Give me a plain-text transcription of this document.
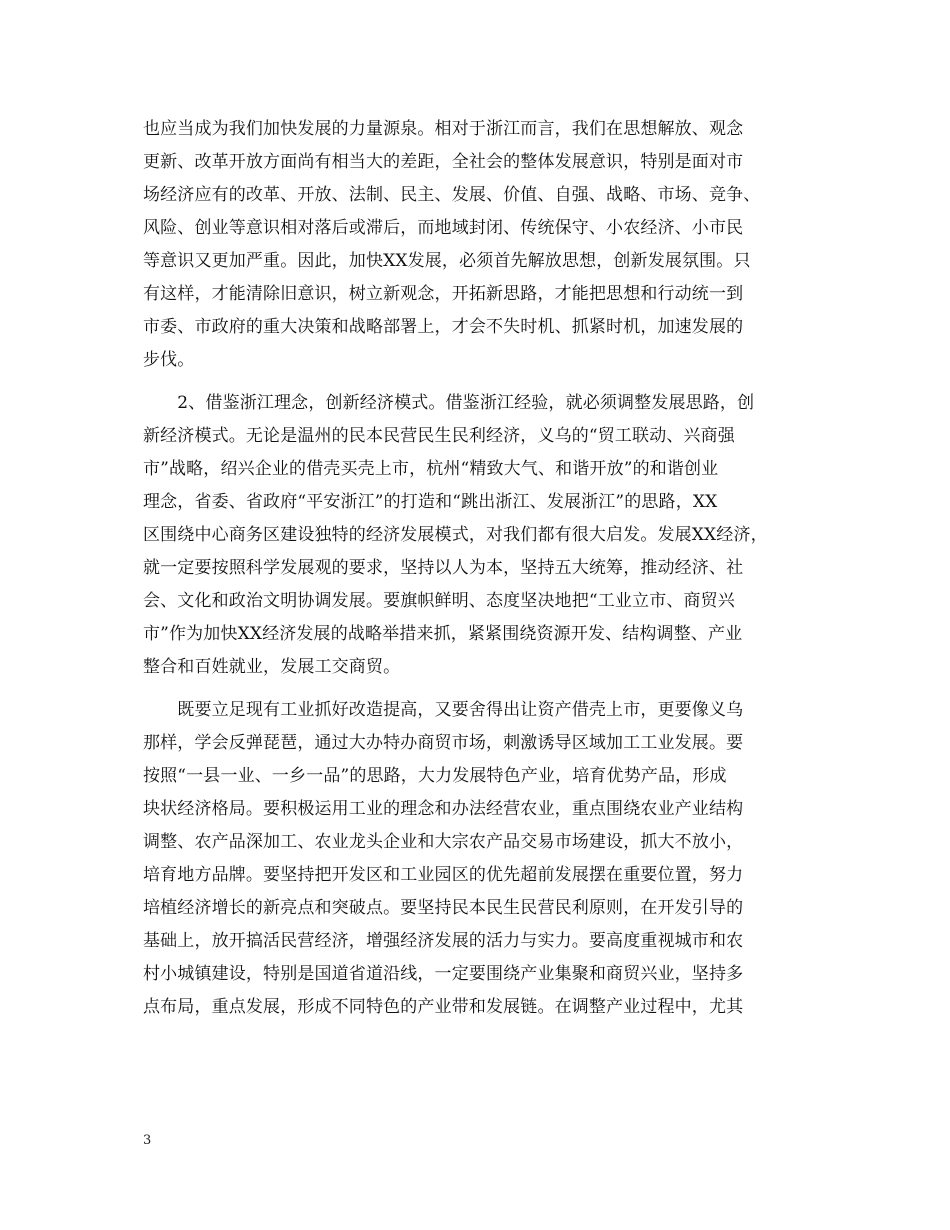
也应当成为我们加快发展的力量源泉。相对于浙江而言，我们在思想解放、观念
更新、改革开放方面尚有相当大的差距，全社会的整体发展意识，特别是面对市
场经济应有的改革、开放、法制、民主、发展、价值、自强、战略、市场、竞争、
风险、创业等意识相对落后或滞后，而地域封闭、传统保守、小农经济、小市民
等意识又更加严重。因此，加快XX发展，必须首先解放思想，创新发展氛围。只
有这样，才能清除旧意识，树立新观念，开拓新思路，才能把思想和行动统一到
市委、市政府的重大决策和战略部署上，才会不失时机、抓紧时机，加速发展的
步伐。
　　2、借鉴浙江理念，创新经济模式。借鉴浙江经验，就必须调整发展思路，创
新经济模式。无论是温州的民本民营民生民利经济，义乌的“贸工联动、兴商强
市”战略，绍兴企业的借壳买壳上市，杭州“精致大气、和谐开放”的和谐创业
理念，省委、省政府“平安浙江”的打造和“跳出浙江、发展浙江”的思路，XX
区围绕中心商务区建设独特的经济发展模式，对我们都有很大启发。发展XX经济，
就一定要按照科学发展观的要求，坚持以人为本，坚持五大统筹，推动经济、社
会、文化和政治文明协调发展。要旗帜鲜明、态度坚决地把“工业立市、商贸兴
市”作为加快XX经济发展的战略举措来抓，紧紧围绕资源开发、结构调整、产业
整合和百姓就业，发展工交商贸。
　　既要立足现有工业抓好改造提高，又要舍得出让资产借壳上市，更要像义乌
那样，学会反弹琵琶，通过大办特办商贸市场，刺激诱导区域加工工业发展。要
按照“一县一业、一乡一品”的思路，大力发展特色产业，培育优势产品，形成
块状经济格局。要积极运用工业的理念和办法经营农业，重点围绕农业产业结构
调整、农产品深加工、农业龙头企业和大宗农产品交易市场建设，抓大不放小，
培育地方品牌。要坚持把开发区和工业园区的优先超前发展摆在重要位置，努力
培植经济增长的新亮点和突破点。要坚持民本民生民营民利原则，在开发引导的
基础上，放开搞活民营经济，增强经济发展的活力与实力。要高度重视城市和农
村小城镇建设，特别是国道省道沿线，一定要围绕产业集聚和商贸兴业，坚持多
点布局，重点发展，形成不同特色的产业带和发展链。在调整产业过程中，尤其
3
